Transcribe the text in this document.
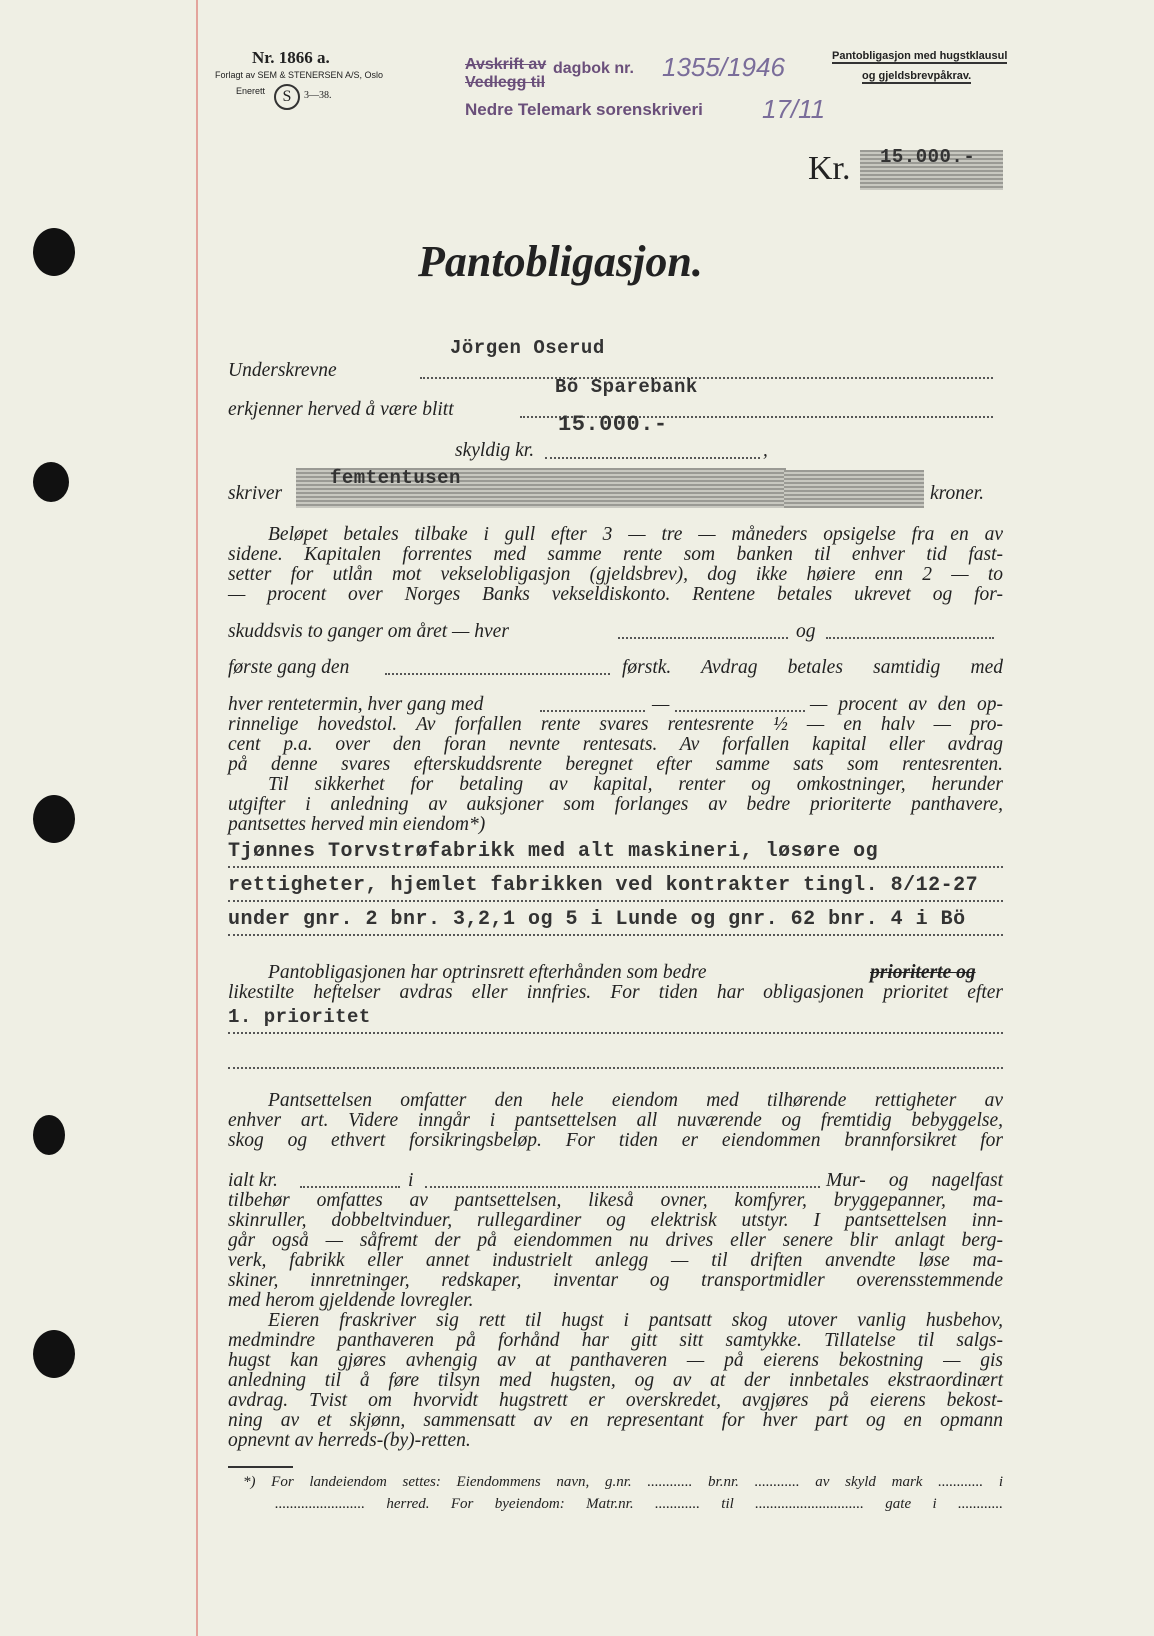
Nr. 1866 a.
Forlagt av SEM & STENERSEN A/S, Oslo
Enerett	S	3—38.
Pantobligasjon med hugstklausul
og gjeldsbrevpåkrav.
Avskrift av
Vedlegg til
dagbok nr. 1355/1946
Nedre Telemark sorenskriveri 17/11
Kr. 15.000.-
Pantobligasjon.
Jörgen Oserud
Underskrevne
Bö Sparebank
erkjenner herved å være blitt
15.000.-
skyldig kr.	,
femtentusen
skriver	kroner.
Beløpet betales tilbake i gull efter 3 — tre — måneders opsigelse fra en av
sidene. Kapitalen forrentes med samme rente som banken til enhver tid fast-
setter for utlån mot vekselobligasjon (gjeldsbrev), dog ikke høiere enn 2 — to
— procent over Norges Banks vekseldiskonto. Rentene betales ukrevet og for-
skuddsvis to ganger om året — hver	og
første gang den	førstk. Avdrag betales samtidig med
hver rentetermin, hver gang med	—	— procent av den op-
rinnelige hovedstol. Av forfallen rente svares rentesrente ½ — en halv — pro-
cent p.a. over den foran nevnte rentesats. Av forfallen kapital eller avdrag
på denne svares efterskuddsrente beregnet efter samme sats som rentesrenten.
Til sikkerhet for betaling av kapital, renter og omkostninger, herunder
utgifter i anledning av auksjoner som forlanges av bedre prioriterte panthavere,
pantsettes herved min eiendom*)
Tjønnes Torvstrøfabrikk med alt maskineri, løsøre og
rettigheter, hjemlet fabrikken ved kontrakter tingl. 8/12-27
under gnr. 2 bnr. 3,2,1 og 5 i Lunde og gnr. 62 bnr. 4 i Bö
Pantobligasjonen har optrinsrett efterhånden som bedre	prioriterte og
likestilte heftelser avdras eller innfries. For tiden har obligasjonen prioritet efter
1. prioritet
Pantsettelsen omfatter den hele eiendom med tilhørende rettigheter av
enhver art. Videre inngår i pantsettelsen all nuværende og fremtidig bebyggelse,
skog og ethvert forsikringsbeløp. For tiden er eiendommen brannforsikret for
ialt kr.	i	Mur- og nagelfast
tilbehør omfattes av pantsettelsen, likeså ovner, komfyrer, bryggepanner, ma-
skinruller, dobbeltvinduer, rullegardiner og elektrisk utstyr. I pantsettelsen inn-
går også — såfremt der på eiendommen nu drives eller senere blir anlagt berg-
verk, fabrikk eller annet industrielt anlegg — til driften anvendte løse ma-
skiner, innretninger, redskaper, inventar og transportmidler overensstemmende
med herom gjeldende lovregler.
Eieren fraskriver sig rett til hugst i pantsatt skog utover vanlig husbehov,
medmindre panthaveren på forhånd har gitt sitt samtykke. Tillatelse til salgs-
hugst kan gjøres avhengig av at panthaveren — på eierens bekostning — gis
anledning til å føre tilsyn med hugsten, og av at der innbetales ekstraordinært
avdrag. Tvist om hvorvidt hugstrett er overskredet, avgjøres på eierens bekost-
ning av et skjønn, sammensatt av en representant for hver part og en opmann
opnevnt av herreds-(by)-retten.
*) For landeiendom settes: Eiendommens navn, g.nr. ............ br.nr. ............ av skyld mark ............ i
........................ herred. For byeiendom: Matr.nr. ............ til ............................. gate i ............
